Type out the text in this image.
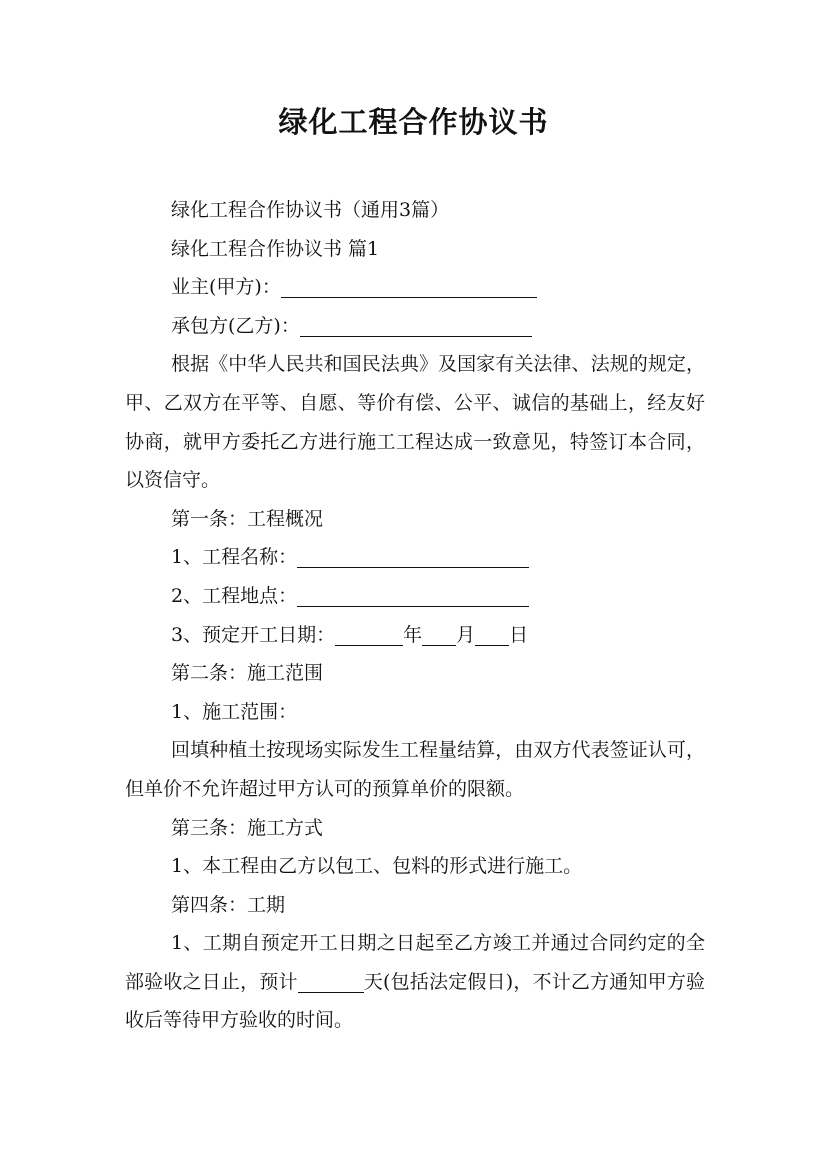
绿化工程合作协议书
绿化工程合作协议书（通用3篇）
绿化工程合作协议书 篇1
业主(甲方)：
承包方(乙方)：

根据《中华人民共和国民法典》及国家有关法律、法规的规定，甲、乙双方在平等、自愿、等价有偿、公平、诚信的基础上，经友好协商，就甲方委托乙方进行施工工程达成一致意见，特签订本合同，以资信守。

第一条：工程概况
1、工程名称：
2、工程地点：
3、预定开工日期：	年 月 日
第二条：施工范围
1、施工范围：

回填种植土按现场实际发生工程量结算，由双方代表签证认可，但单价不允许超过甲方认可的预算单价的限额。

第三条：施工方式
1、本工程由乙方以包工、包料的形式进行施工。
第四条：工期

1、工期自预定开工日期之日起至乙方竣工并通过合同约定的全部验收之日止，预计	天(包括法定假日)，不计乙方通知甲方验收后等待甲方验收的时间。
